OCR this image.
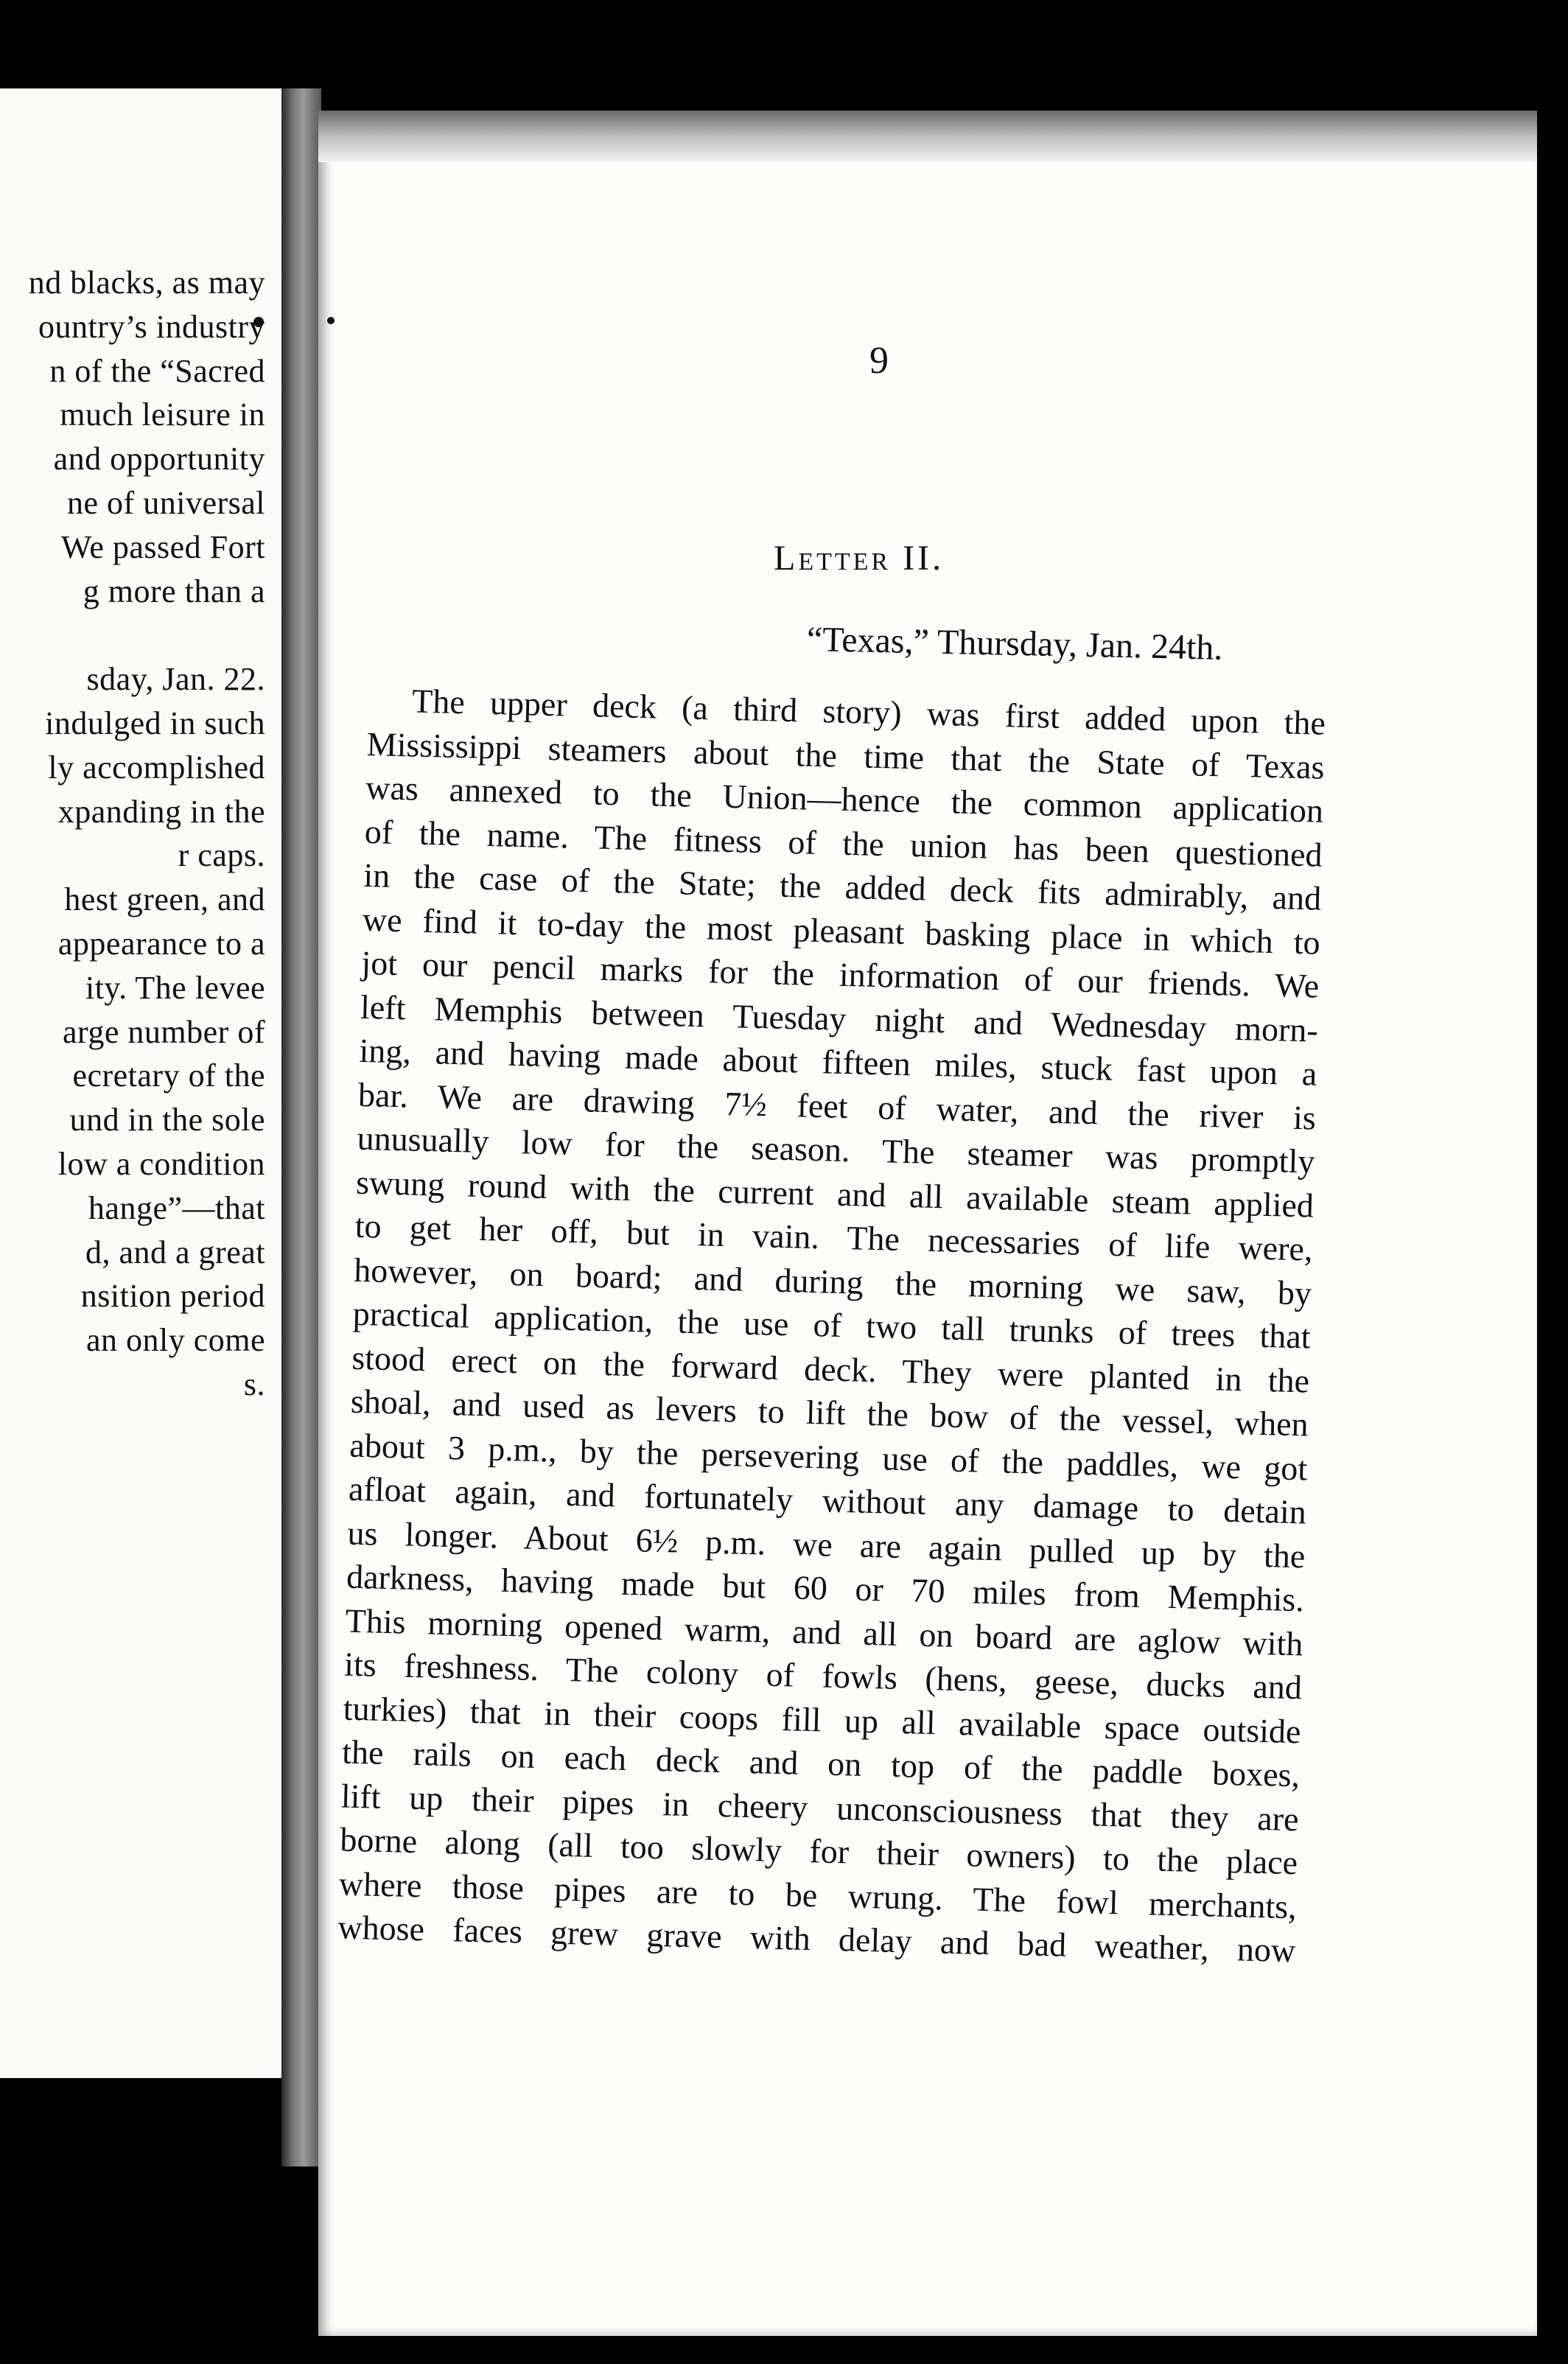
nd blacks, as may
ountry’s industry
n of the “Sacred
much leisure in
and opportunity
ne of universal
We passed Fort
g more than a
sday, Jan. 22.
indulged in such
ly accomplished
xpanding in the
r caps.
hest green, and
appearance to a
ity. The levee
arge number of
ecretary of the
und in the sole
low a condition
hange”—that
d, and a great
nsition period
an only come
s.
9
Letter II.
“Texas,” Thursday, Jan. 24th.
The upper deck (a third story) was first added upon the
Mississippi steamers about the time that the State of Texas
was annexed to the Union—hence the common application
of the name. The fitness of the union has been questioned
in the case of the State; the added deck fits admirably, and
we find it to-day the most pleasant basking place in which to
jot our pencil marks for the information of our friends. We
left Memphis between Tuesday night and Wednesday morn-
ing, and having made about fifteen miles, stuck fast upon a
bar. We are drawing 7½ feet of water, and the river is
unusually low for the season. The steamer was promptly
swung round with the current and all available steam applied
to get her off, but in vain. The necessaries of life were,
however, on board; and during the morning we saw, by
practical application, the use of two tall trunks of trees that
stood erect on the forward deck. They were planted in the
shoal, and used as levers to lift the bow of the vessel, when
about 3 p.m., by the persevering use of the paddles, we got
afloat again, and fortunately without any damage to detain
us longer. About 6½ p.m. we are again pulled up by the
darkness, having made but 60 or 70 miles from Memphis.
This morning opened warm, and all on board are aglow with
its freshness. The colony of fowls (hens, geese, ducks and
turkies) that in their coops fill up all available space outside
the rails on each deck and on top of the paddle boxes,
lift up their pipes in cheery unconsciousness that they are
borne along (all too slowly for their owners) to the place
where those pipes are to be wrung. The fowl merchants,
whose faces grew grave with delay and bad weather, now
